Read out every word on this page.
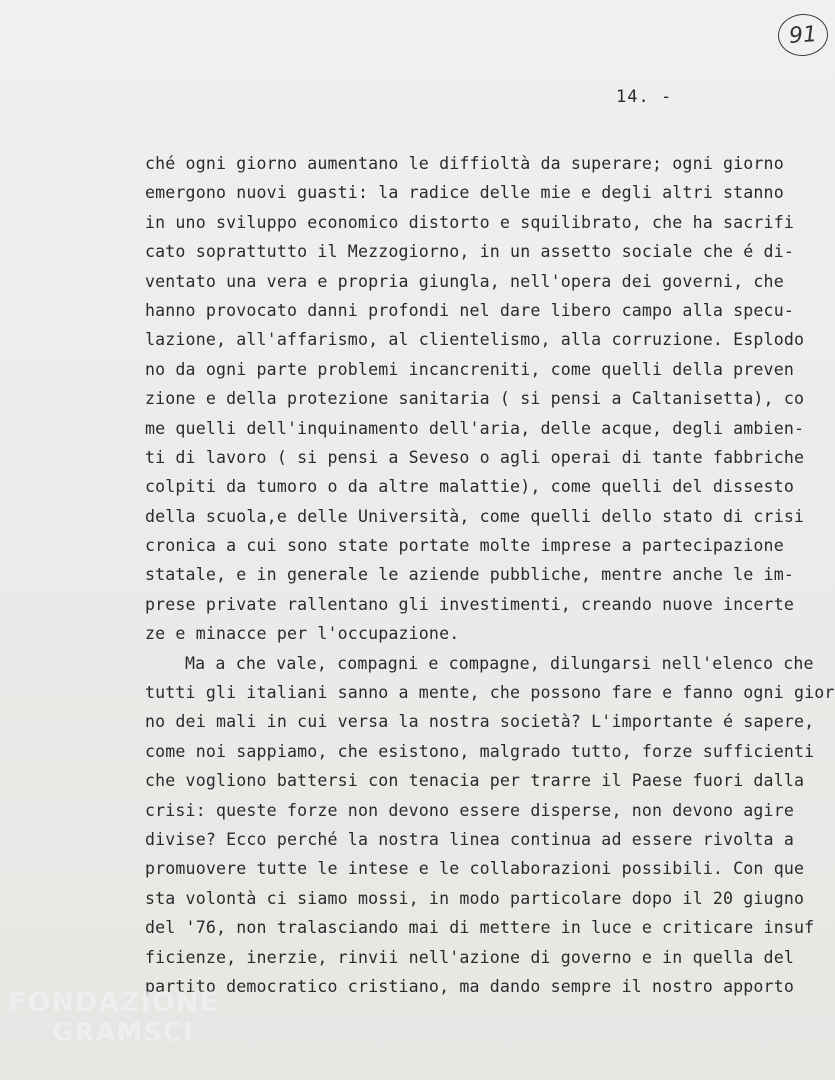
91
14. -
ché ogni giorno aumentano le diffioltà da superare; ogni giorno
emergono nuovi guasti: la radice delle mie e degli altri stanno
in uno sviluppo economico distorto e squilibrato, che ha sacrifi
cato soprattutto il Mezzogiorno, in un assetto sociale che é di-
ventato una vera e propria giungla, nell'opera dei governi, che
hanno provocato danni profondi nel dare libero campo alla specu-
lazione, all'affarismo, al clientelismo, alla corruzione. Esplodo
no da ogni parte problemi incancreniti, come quelli della preven
zione e della protezione sanitaria ( si pensi a Caltanisetta), co
me quelli dell'inquinamento dell'aria, delle acque, degli ambien-
ti di lavoro ( si pensi a Seveso o agli operai di tante fabbriche
colpiti da tumoro o da altre malattie), come quelli del dissesto
della scuola,e delle Università, come quelli dello stato di crisi
cronica a cui sono state portate molte imprese a partecipazione
statale, e in generale le aziende pubbliche, mentre anche le im-
prese private rallentano gli investimenti, creando nuove incerte
ze e minacce per l'occupazione.
Ma a che vale, compagni e compagne, dilungarsi nell'elenco che
tutti gli italiani sanno a mente, che possono fare e fanno ogni gior
no dei mali in cui versa la nostra società? L'importante é sapere,
come noi sappiamo, che esistono, malgrado tutto, forze sufficienti
che vogliono battersi con tenacia per trarre il Paese fuori dalla
crisi: queste forze non devono essere disperse, non devono agire
divise? Ecco perché la nostra linea continua ad essere rivolta a
promuovere tutte le intese e le collaborazioni possibili. Con que
sta volontà ci siamo mossi, in modo particolare dopo il 20 giugno
del '76, non tralasciando mai di mettere in luce e criticare insuf
ficienze, inerzie, rinvii nell'azione di governo e in quella del
partito democratico cristiano, ma dando sempre il nostro apporto
FONDAZIONE
GRAMSCI
